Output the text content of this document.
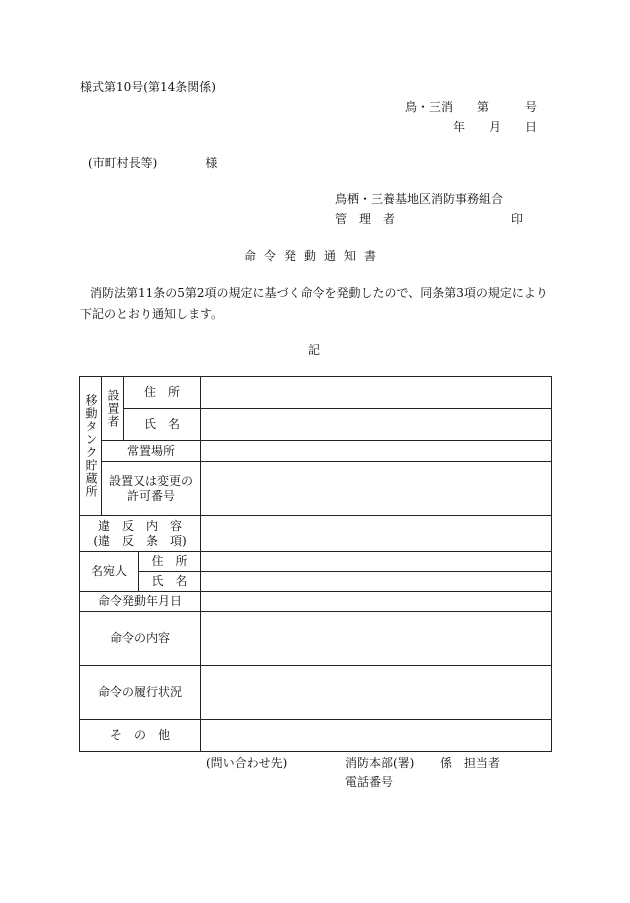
様式第10号(第14条関係)
鳥・三消　　第　　　号
年　　月　　日
(市町村長等)　　　　様
鳥栖・三養基地区消防事務組合
管　理　者	印
命令発動通知書
消防法第11条の5第2項の規定に基づく命令を発動したので、同条第3項の規定により下記のとおり通知します。
記
移動タンク貯蔵所	設置者	住　所		
		氏　名		
	常置場所			

	設置又は変更の
許可番号			

違　反　内　容
(違　反　条　項)				

名宛人			住　所	
			氏　名	
命令発動年月日				
命令の内容				
命令の履行状況				
そ　の　他				
(問い合わせ先)	消防本部(署) 係　担当者
電話番号
